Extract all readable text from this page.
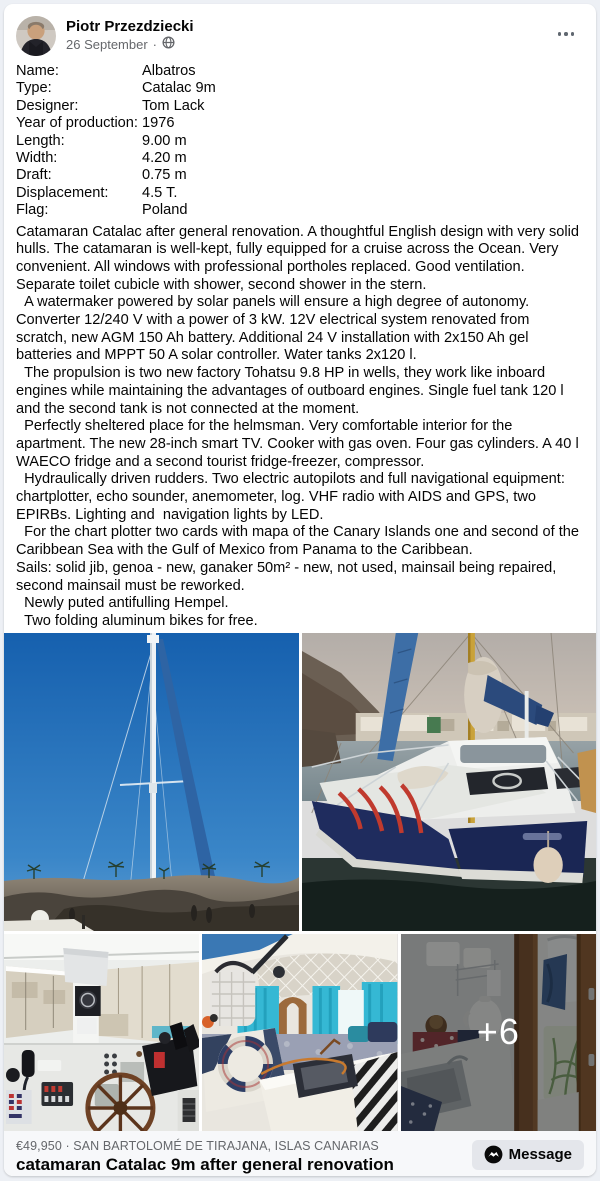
Piotr Przezdziecki
26 September ·
Name:	Albatros
Type:	Catalac 9m
Designer:	Tom Lack
Year of production: 1976
Length:	9.00 m
Width:	4.20 m
Draft:	0.75 m
Displacement: 4.5 T.
Flag:	Poland
Catamaran Catalac after general renovation. A thoughtful English design with very solid hulls. The catamaran is well-kept, fully equipped for a cruise across the Ocean. Very convenient. All windows with professional portholes replaced. Good ventilation. Separate toilet cubicle with shower, second shower in the stern.
A watermaker powered by solar panels will ensure a high degree of autonomy. Converter 12/240 V with a power of 3 kW. 12V electrical system renovated from scratch, new AGM 150 Ah battery. Additional 24 V installation with 2x150 Ah gel batteries and MPPT 50 A solar controller. Water tanks 2x120 l.
The propulsion is two new factory Tohatsu 9.8 HP in wells, they work like inboard engines while maintaining the advantages of outboard engines. Single fuel tank 120 l and the second tank is not connected at the moment.
Perfectly sheltered place for the helmsman. Very comfortable interior for the apartment. The new 28-inch smart TV. Cooker with gas oven. Four gas cylinders. A 40 l WAECO fridge and a second tourist fridge-freezer, compressor.
Hydraulically driven rudders. Two electric autopilots and full navigational equipment: chartplotter, echo sounder, anemometer, log. VHF radio with AIDS and GPS, two EPIRBs. Lighting and  navigation lights by LED.
For the chart plotter two cards with mapa of the Canary Islands one and second of the Caribbean Sea with the Gulf of Mexico from Panama to the Caribbean.
Sails: solid jib, genoa - new, ganaker 50m² - new, not used, mainsail being repaired, second mainsail must be reworked.
Newly puted antifulling Hempel.
Two folding aluminum bikes for free.
+6
€49,950 · SAN BARTOLOMÉ DE TIRAJANA, ISLAS CANARIAS
catamaran Catalac 9m after general renovation	Message
